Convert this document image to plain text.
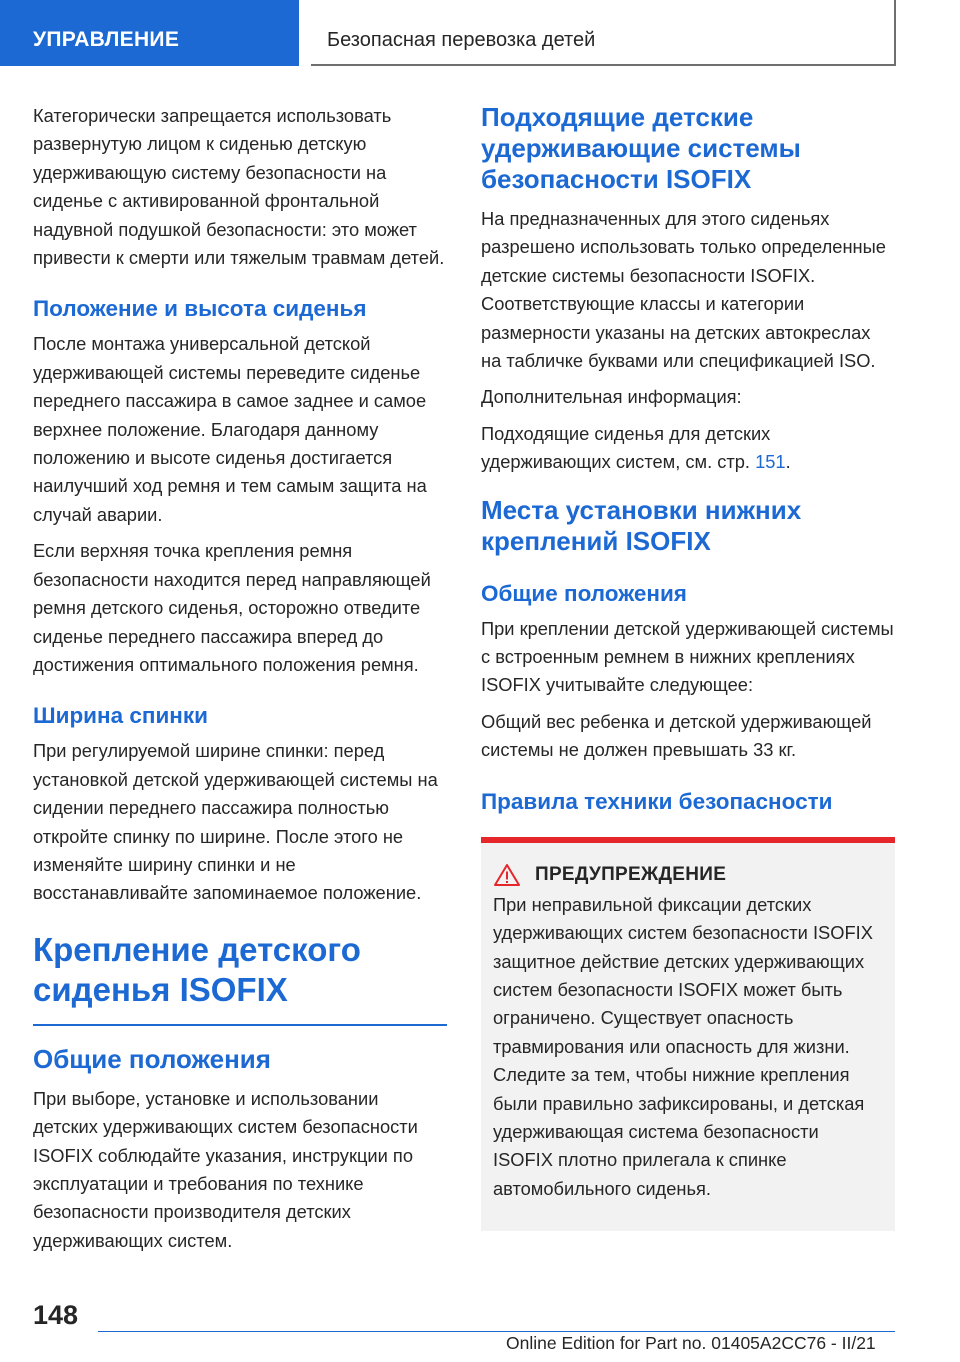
УПРАВЛЕНИЕ	Безопасная перевозка детей

Категорически запрещается использовать развернутую лицом к сиденью детскую удерживающую систему безопасности на сиденье с активированной фронтальной надувной подушкой безопасности: это может привести к смерти или тяжелым травмам детей.

Положение и высота сиденья

После монтажа универсальной детской удерживающей системы переведите сиденье переднего пассажира в самое заднее и самое верхнее положение. Благодаря данному положению и высоте сиденья достигается наилучший ход ремня и тем самым защита на случай аварии.

Если верхняя точка крепления ремня безопасности находится перед направляющей ремня детского сиденья, осторожно отведите сиденье переднего пассажира вперед до достижения оптимального положения ремня.

Ширина спинки

При регулируемой ширине спинки: перед установкой детской удерживающей системы на сидении переднего пассажира полностью откройте спинку по ширине. После этого не изменяйте ширину спинки и не восстанавливайте запоминаемое положение.

Крепление детского сиденья ISOFIX
Общие положения

При выборе, установке и использовании детских удерживающих систем безопасности ISOFIX соблюдайте указания, инструкции по эксплуатации и требования по технике безопасности производителя детских удерживающих систем.

Подходящие детские удерживающие системы безопасности ISOFIX

На предназначенных для этого сиденьях разрешено использовать только определенные детские системы безопасности ISOFIX. Соответствующие классы и категории размерности указаны на детских автокреслах на табличке буквами или спецификацией ISO.

Дополнительная информация:

Подходящие сиденья для детских удерживающих систем, см. стр. 151.

Места установки нижних креплений ISOFIX
Общие положения

При креплении детской удерживающей системы с встроенным ремнем в нижних креплениях ISOFIX учитывайте следующее:

Общий вес ребенка и детской удерживающей системы не должен превышать 33 кг.

Правила техники безопасности
ПРЕДУПРЕЖДЕНИЕ

При неправильной фиксации детских удерживающих систем безопасности ISOFIX защитное действие детских удерживающих систем безопасности ISOFIX может быть ограничено. Существует опасность травмирования или опасность для жизни. Следите за тем, чтобы нижние крепления были правильно зафиксированы, и детская удерживающая система безопасности ISOFIX плотно прилегала к спинке автомобильного сиденья.

148
Online Edition for Part no. 01405A2CC76 - II/21
